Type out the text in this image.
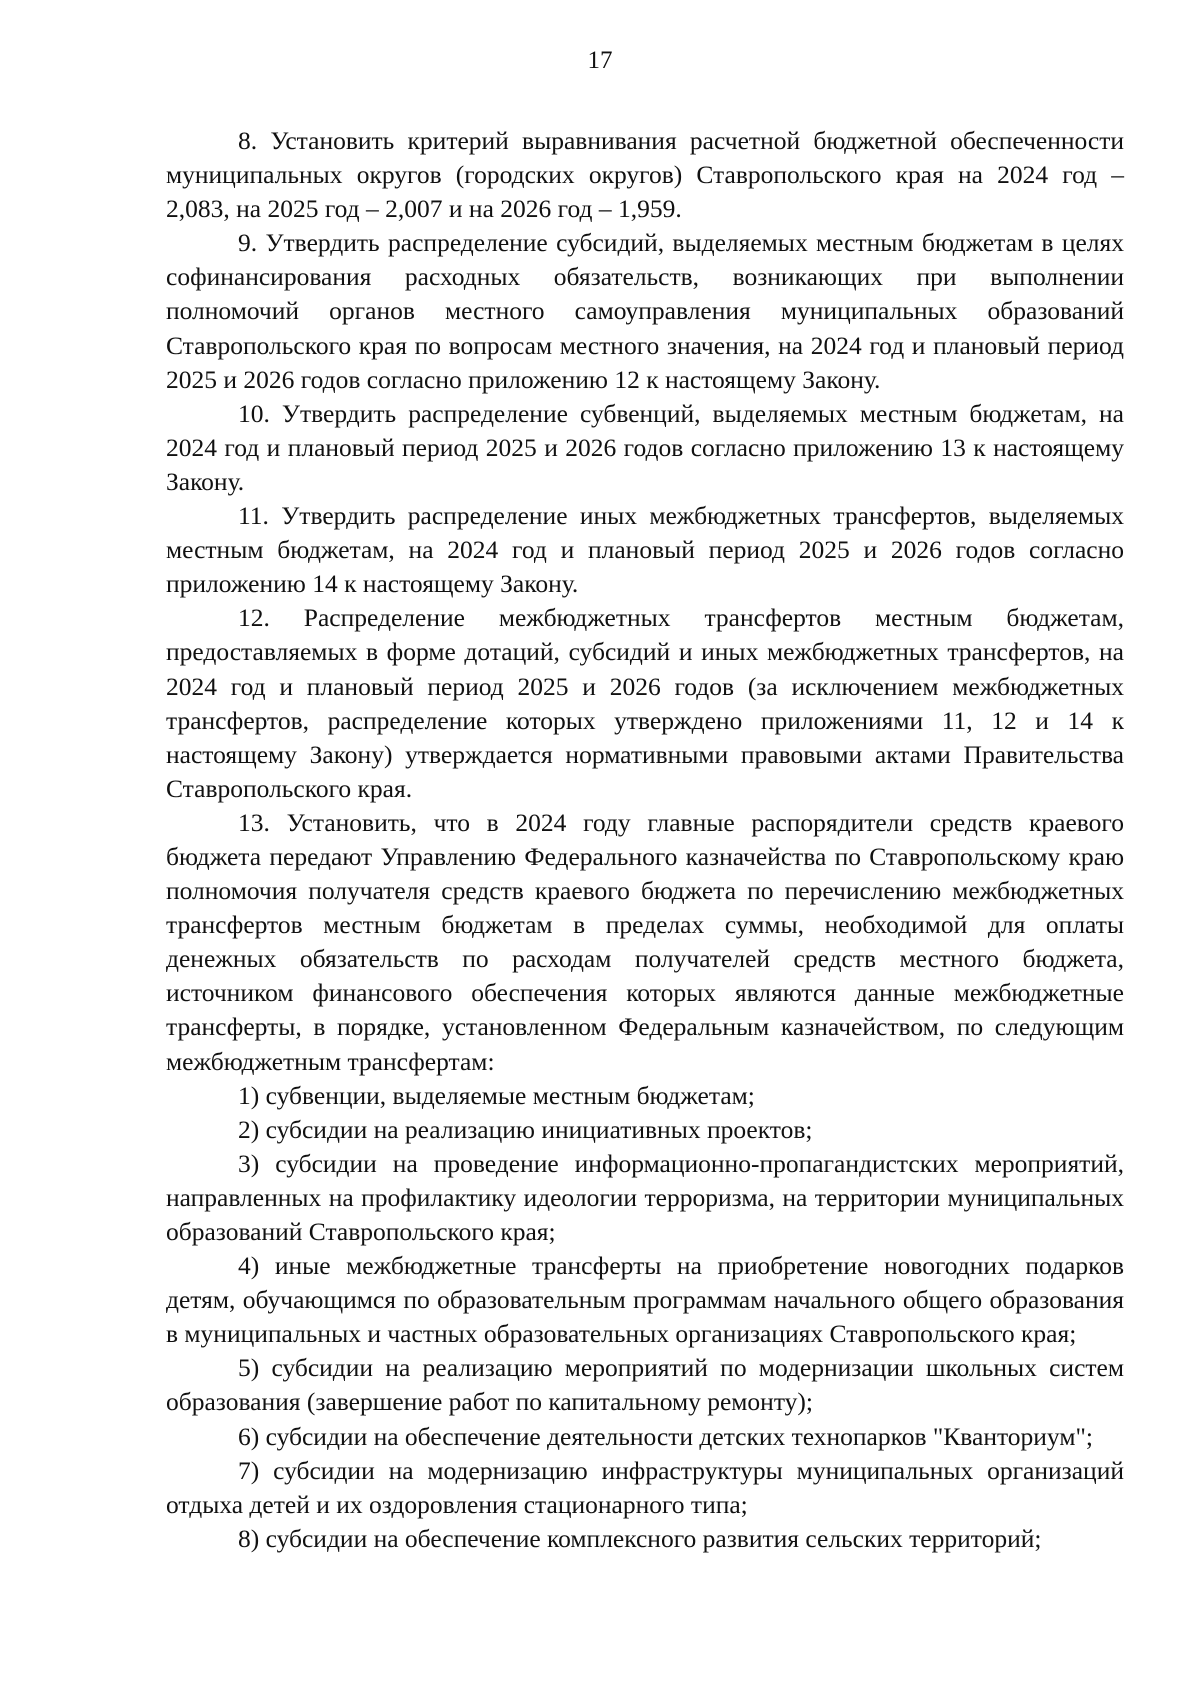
17

8. Установить критерий выравнивания расчетной бюджетной обеспеченности муниципальных округов (городских округов) Ставропольского края на 2024 год – 2,083, на 2025 год – 2,007 и на 2026 год – 1,959.

9. Утвердить распределение субсидий, выделяемых местным бюджетам в целях софинансирования расходных обязательств, возникающих при выполнении полномочий органов местного самоуправления муниципальных образований Ставропольского края по вопросам местного значения, на 2024 год и плановый период 2025 и 2026 годов согласно приложению 12 к настоящему Закону.

10. Утвердить распределение субвенций, выделяемых местным бюджетам, на 2024 год и плановый период 2025 и 2026 годов согласно приложению 13 к настоящему Закону.

11. Утвердить распределение иных межбюджетных трансфертов, выделяемых местным бюджетам, на 2024 год и плановый период 2025 и 2026 годов согласно приложению 14 к настоящему Закону.

12. Распределение межбюджетных трансфертов местным бюджетам, предоставляемых в форме дотаций, субсидий и иных межбюджетных трансфертов, на 2024 год и плановый период 2025 и 2026 годов (за исключением межбюджетных трансфертов, распределение которых утверждено приложениями 11, 12 и 14 к настоящему Закону) утверждается нормативными правовыми актами Правительства Ставропольского края.

13. Установить, что в 2024 году главные распорядители средств краевого бюджета передают Управлению Федерального казначейства по Ставропольскому краю полномочия получателя средств краевого бюджета по перечислению межбюджетных трансфертов местным бюджетам в пределах суммы, необходимой для оплаты денежных обязательств по расходам получателей средств местного бюджета, источником финансового обеспечения которых являются данные межбюджетные трансферты, в порядке, установленном Федеральным казначейством, по следующим межбюджетным трансфертам:

1) субвенции, выделяемые местным бюджетам;

2) субсидии на реализацию инициативных проектов;

3) субсидии на проведение информационно-пропагандистских мероприятий, направленных на профилактику идеологии терроризма, на территории муниципальных образований Ставропольского края;

4) иные межбюджетные трансферты на приобретение новогодних подарков детям, обучающимся по образовательным программам начального общего образования в муниципальных и частных образовательных организациях Ставропольского края;

5) субсидии на реализацию мероприятий по модернизации школьных систем образования (завершение работ по капитальному ремонту);

6) субсидии на обеспечение деятельности детских технопарков "Кванториум";

7) субсидии на модернизацию инфраструктуры муниципальных организаций отдыха детей и их оздоровления стационарного типа;

8) субсидии на обеспечение комплексного развития сельских территорий;
